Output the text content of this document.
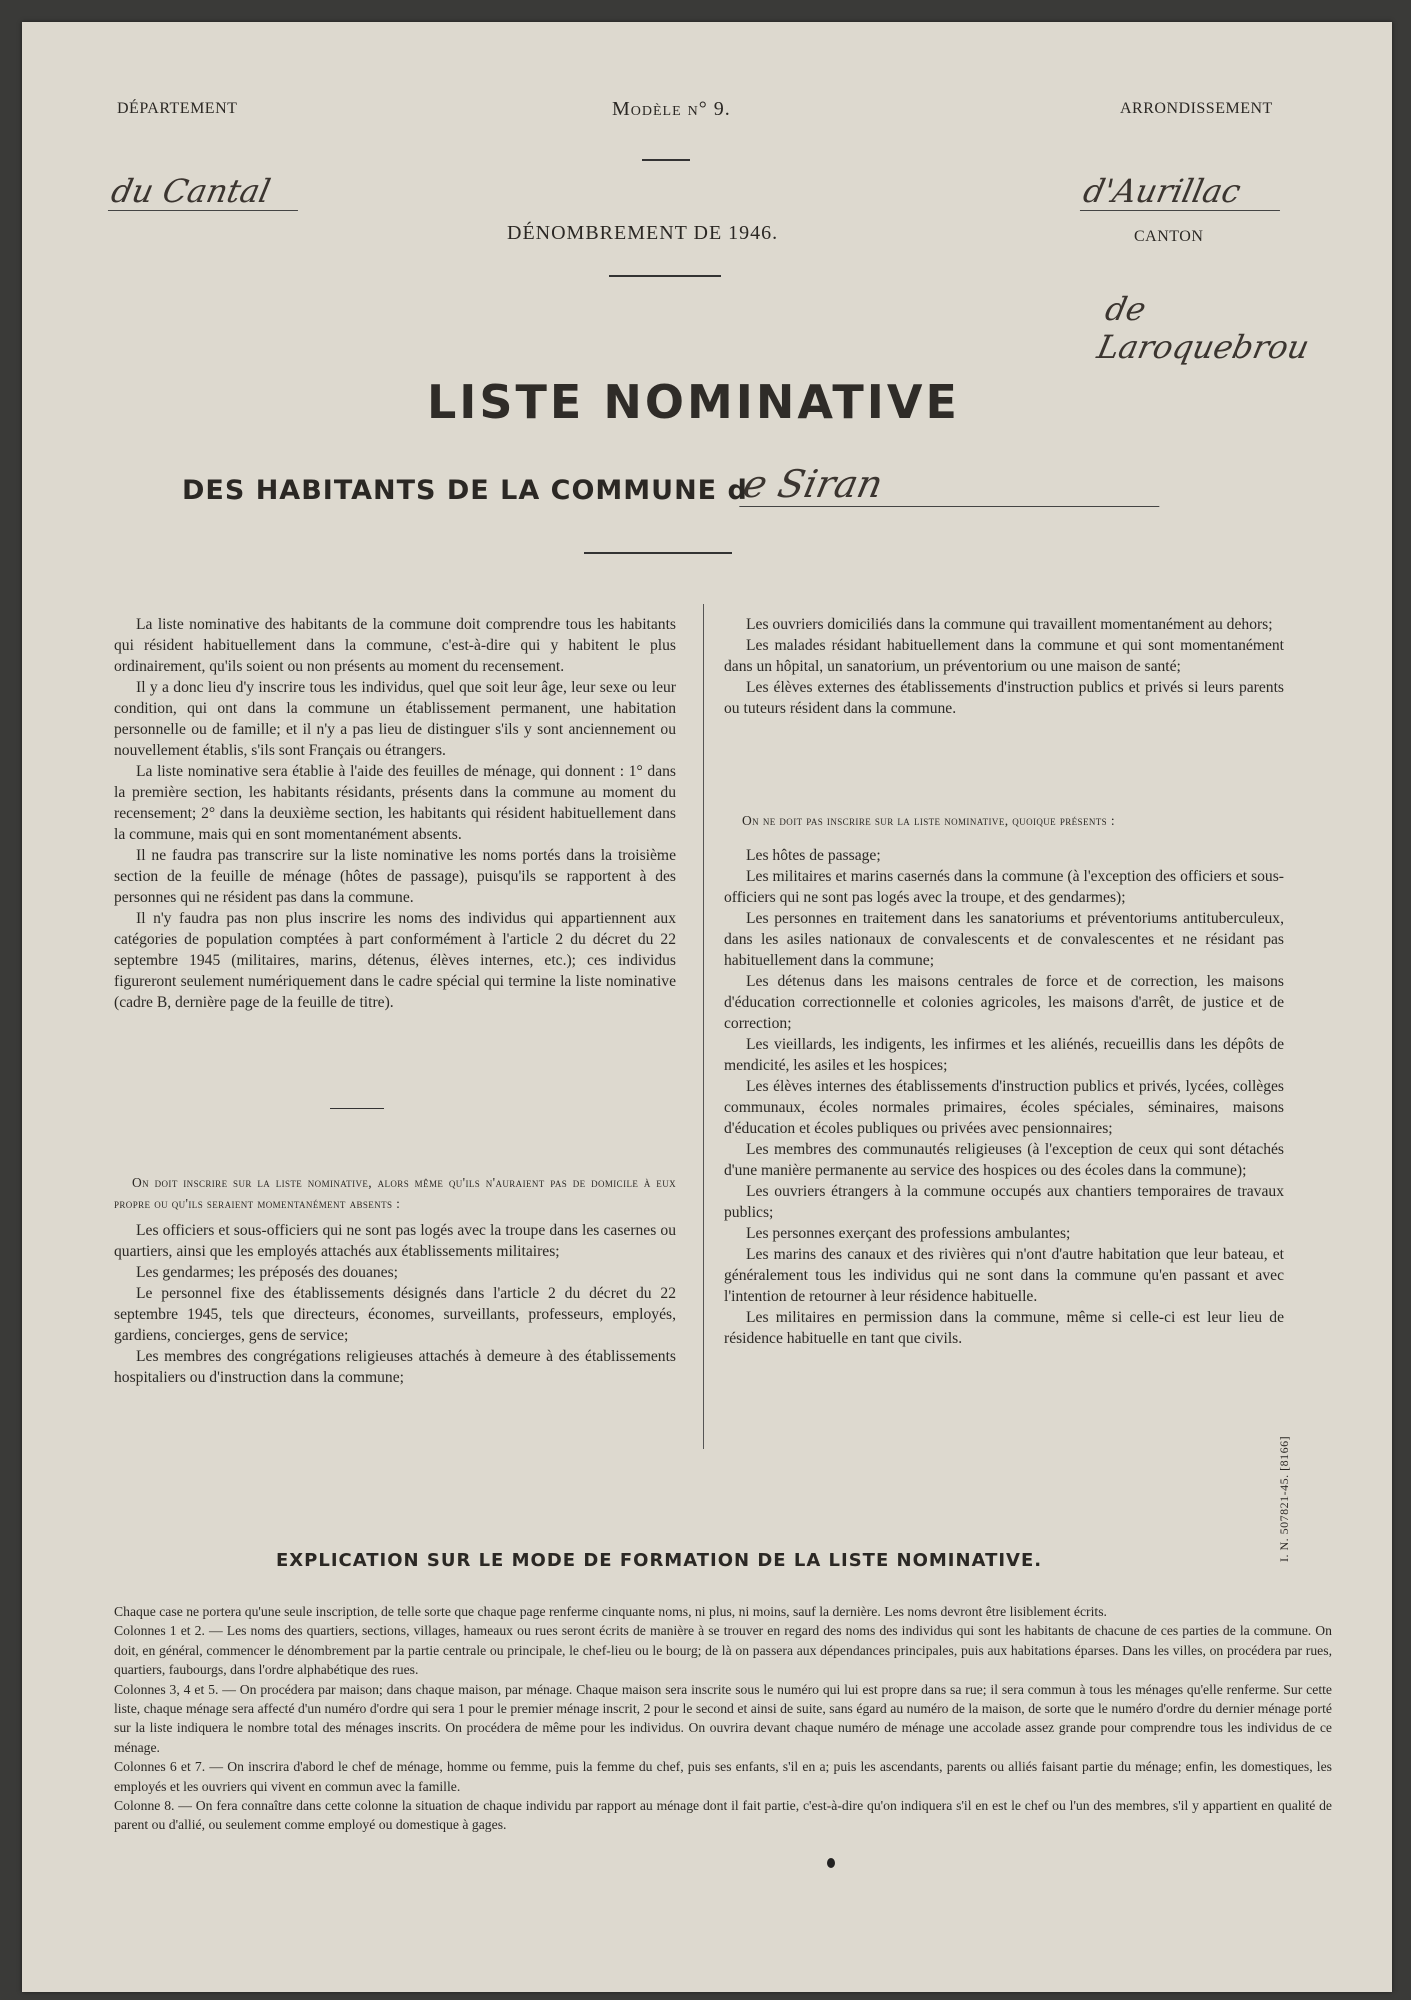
DÉPARTEMENT	Modèle n° 9.	ARRONDISSEMENT
du Cantal	d'Aurillac
DÉNOMBREMENT DE 1946.	CANTON
de Laroquebrou
LISTE NOMINATIVE
DES HABITANTS DE LA COMMUNE d
e Siran

La liste nominative des habitants de la commune doit comprendre tous les habitants qui résident habituellement dans la commune, c'est-à-dire qui y habitent le plus ordinairement, qu'ils soient ou non présents au moment du recensement.

Il y a donc lieu d'y inscrire tous les individus, quel que soit leur âge, leur sexe ou leur condition, qui ont dans la commune un établissement permanent, une habitation personnelle ou de famille; et il n'y a pas lieu de distinguer s'ils y sont anciennement ou nouvellement établis, s'ils sont Français ou étrangers.

La liste nominative sera établie à l'aide des feuilles de ménage, qui donnent : 1° dans la première section, les habitants résidants, présents dans la commune au moment du recensement; 2° dans la deuxième section, les habitants qui résident habituellement dans la commune, mais qui en sont momentanément absents.

Il ne faudra pas transcrire sur la liste nominative les noms portés dans la troisième section de la feuille de ménage (hôtes de passage), puisqu'ils se rapportent à des personnes qui ne résident pas dans la commune.

Il n'y faudra pas non plus inscrire les noms des individus qui appartiennent aux catégories de population comptées à part conformément à l'article 2 du décret du 22 septembre 1945 (militaires, marins, détenus, élèves internes, etc.); ces individus figureront seulement numériquement dans le cadre spécial qui termine la liste nominative (cadre B, dernière page de la feuille de titre).

On doit inscrire sur la liste nominative, alors même qu'ils n'auraient pas de domicile à eux propre ou qu'ils seraient momentanément absents :

Les officiers et sous-officiers qui ne sont pas logés avec la troupe dans les casernes ou quartiers, ainsi que les employés attachés aux établissements militaires;

Les gendarmes; les préposés des douanes;

Le personnel fixe des établissements désignés dans l'article 2 du décret du 22 septembre 1945, tels que directeurs, économes, surveillants, professeurs, employés, gardiens, concierges, gens de service;

Les membres des congrégations religieuses attachés à demeure à des établissements hospitaliers ou d'instruction dans la commune;

Les ouvriers domiciliés dans la commune qui travaillent momentanément au dehors;

Les malades résidant habituellement dans la commune et qui sont momentanément dans un hôpital, un sanatorium, un préventorium ou une maison de santé;

Les élèves externes des établissements d'instruction publics et privés si leurs parents ou tuteurs résident dans la commune.

On ne doit pas inscrire sur la liste nominative, quoique présents :

Les hôtes de passage;

Les militaires et marins casernés dans la commune (à l'exception des officiers et sous-officiers qui ne sont pas logés avec la troupe, et des gendarmes);

Les personnes en traitement dans les sanatoriums et préventoriums antituberculeux, dans les asiles nationaux de convalescents et de convalescentes et ne résidant pas habituellement dans la commune;

Les détenus dans les maisons centrales de force et de correction, les maisons d'éducation correctionnelle et colonies agricoles, les maisons d'arrêt, de justice et de correction;

Les vieillards, les indigents, les infirmes et les aliénés, recueillis dans les dépôts de mendicité, les asiles et les hospices;

Les élèves internes des établissements d'instruction publics et privés, lycées, collèges communaux, écoles normales primaires, écoles spéciales, séminaires, maisons d'éducation et écoles publiques ou privées avec pensionnaires;

Les membres des communautés religieuses (à l'exception de ceux qui sont détachés d'une manière permanente au service des hospices ou des écoles dans la commune);

Les ouvriers étrangers à la commune occupés aux chantiers temporaires de travaux publics;

Les personnes exerçant des professions ambulantes;

Les marins des canaux et des rivières qui n'ont d'autre habitation que leur bateau, et généralement tous les individus qui ne sont dans la commune qu'en passant et avec l'intention de retourner à leur résidence habituelle.

Les militaires en permission dans la commune, même si celle-ci est leur lieu de résidence habituelle en tant que civils.

EXPLICATION SUR LE MODE DE FORMATION DE LA LISTE NOMINATIVE.

Chaque case ne portera qu'une seule inscription, de telle sorte que chaque page renferme cinquante noms, ni plus, ni moins, sauf la dernière. Les noms devront être lisiblement écrits.

Colonnes 1 et 2. — Les noms des quartiers, sections, villages, hameaux ou rues seront écrits de manière à se trouver en regard des noms des individus qui sont les habitants de chacune de ces parties de la commune. On doit, en général, commencer le dénombrement par la partie centrale ou principale, le chef-lieu ou le bourg; de là on passera aux dépendances principales, puis aux habitations éparses. Dans les villes, on procédera par rues, quartiers, faubourgs, dans l'ordre alphabétique des rues.

Colonnes 3, 4 et 5. — On procédera par maison; dans chaque maison, par ménage. Chaque maison sera inscrite sous le numéro qui lui est propre dans sa rue; il sera commun à tous les ménages qu'elle renferme. Sur cette liste, chaque ménage sera affecté d'un numéro d'ordre qui sera 1 pour le premier ménage inscrit, 2 pour le second et ainsi de suite, sans égard au numéro de la maison, de sorte que le numéro d'ordre du dernier ménage porté sur la liste indiquera le nombre total des ménages inscrits. On procédera de même pour les individus. On ouvrira devant chaque numéro de ménage une accolade assez grande pour comprendre tous les individus de ce ménage.

Colonnes 6 et 7. — On inscrira d'abord le chef de ménage, homme ou femme, puis la femme du chef, puis ses enfants, s'il en a; puis les ascendants, parents ou alliés faisant partie du ménage; enfin, les domestiques, les employés et les ouvriers qui vivent en commun avec la famille.

Colonne 8. — On fera connaître dans cette colonne la situation de chaque individu par rapport au ménage dont il fait partie, c'est-à-dire qu'on indiquera s'il en est le chef ou l'un des membres, s'il y appartient en qualité de parent ou d'allié, ou seulement comme employé ou domestique à gages.

I. N. 507821-45. [8166]
